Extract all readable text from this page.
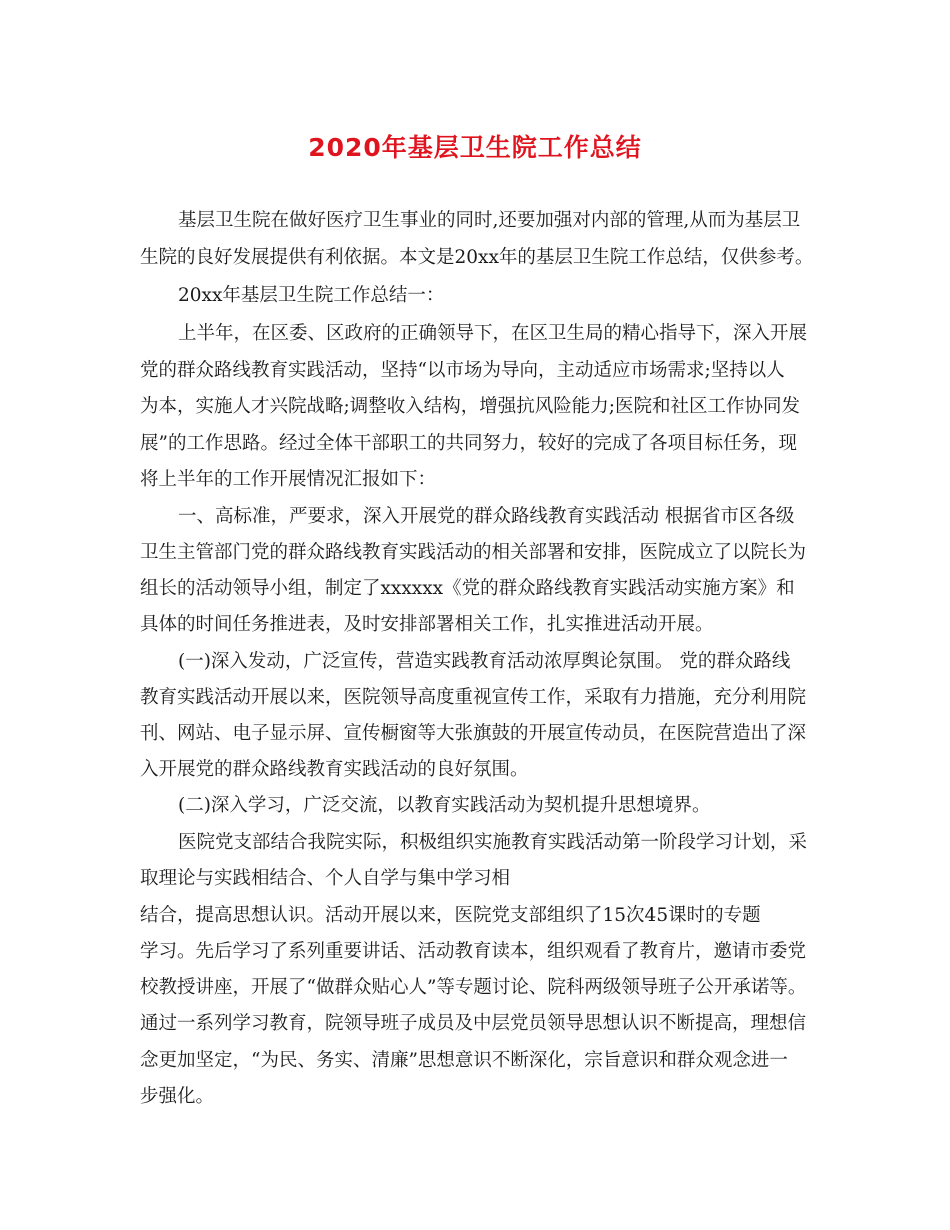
2020年基层卫生院工作总结

基层卫生院在做好医疗卫生事业的同时,还要加强对内部的管理,从而为基层卫

生院的良好发展提供有利依据。本文是20xx年的基层卫生院工作总结，仅供参考。

20xx年基层卫生院工作总结一：

上半年，在区委、区政府的正确领导下，在区卫生局的精心指导下，深入开展

党的群众路线教育实践活动，坚持“以市场为导向，主动适应市场需求;坚持以人

为本，实施人才兴院战略;调整收入结构，增强抗风险能力;医院和社区工作协同发

展”的工作思路。经过全体干部职工的共同努力，较好的完成了各项目标任务，现

将上半年的工作开展情况汇报如下：

一、高标准，严要求，深入开展党的群众路线教育实践活动 根据省市区各级

卫生主管部门党的群众路线教育实践活动的相关部署和安排，医院成立了以院长为

组长的活动领导小组，制定了xxxxxx《党的群众路线教育实践活动实施方案》和

具体的时间任务推进表，及时安排部署相关工作，扎实推进活动开展。

(一)深入发动，广泛宣传，营造实践教育活动浓厚舆论氛围。 党的群众路线

教育实践活动开展以来，医院领导高度重视宣传工作，采取有力措施，充分利用院

刊、网站、电子显示屏、宣传橱窗等大张旗鼓的开展宣传动员，在医院营造出了深

入开展党的群众路线教育实践活动的良好氛围。

(二)深入学习，广泛交流，以教育实践活动为契机提升思想境界。

医院党支部结合我院实际，积极组织实施教育实践活动第一阶段学习计划，采

取理论与实践相结合、个人自学与集中学习相

结合，提高思想认识。活动开展以来，医院党支部组织了15次45课时的专题

学习。先后学习了系列重要讲话、活动教育读本，组织观看了教育片，邀请市委党

校教授讲座，开展了“做群众贴心人”等专题讨论、院科两级领导班子公开承诺等。

通过一系列学习教育，院领导班子成员及中层党员领导思想认识不断提高，理想信

念更加坚定，“为民、务实、清廉”思想意识不断深化，宗旨意识和群众观念进一

步强化。
